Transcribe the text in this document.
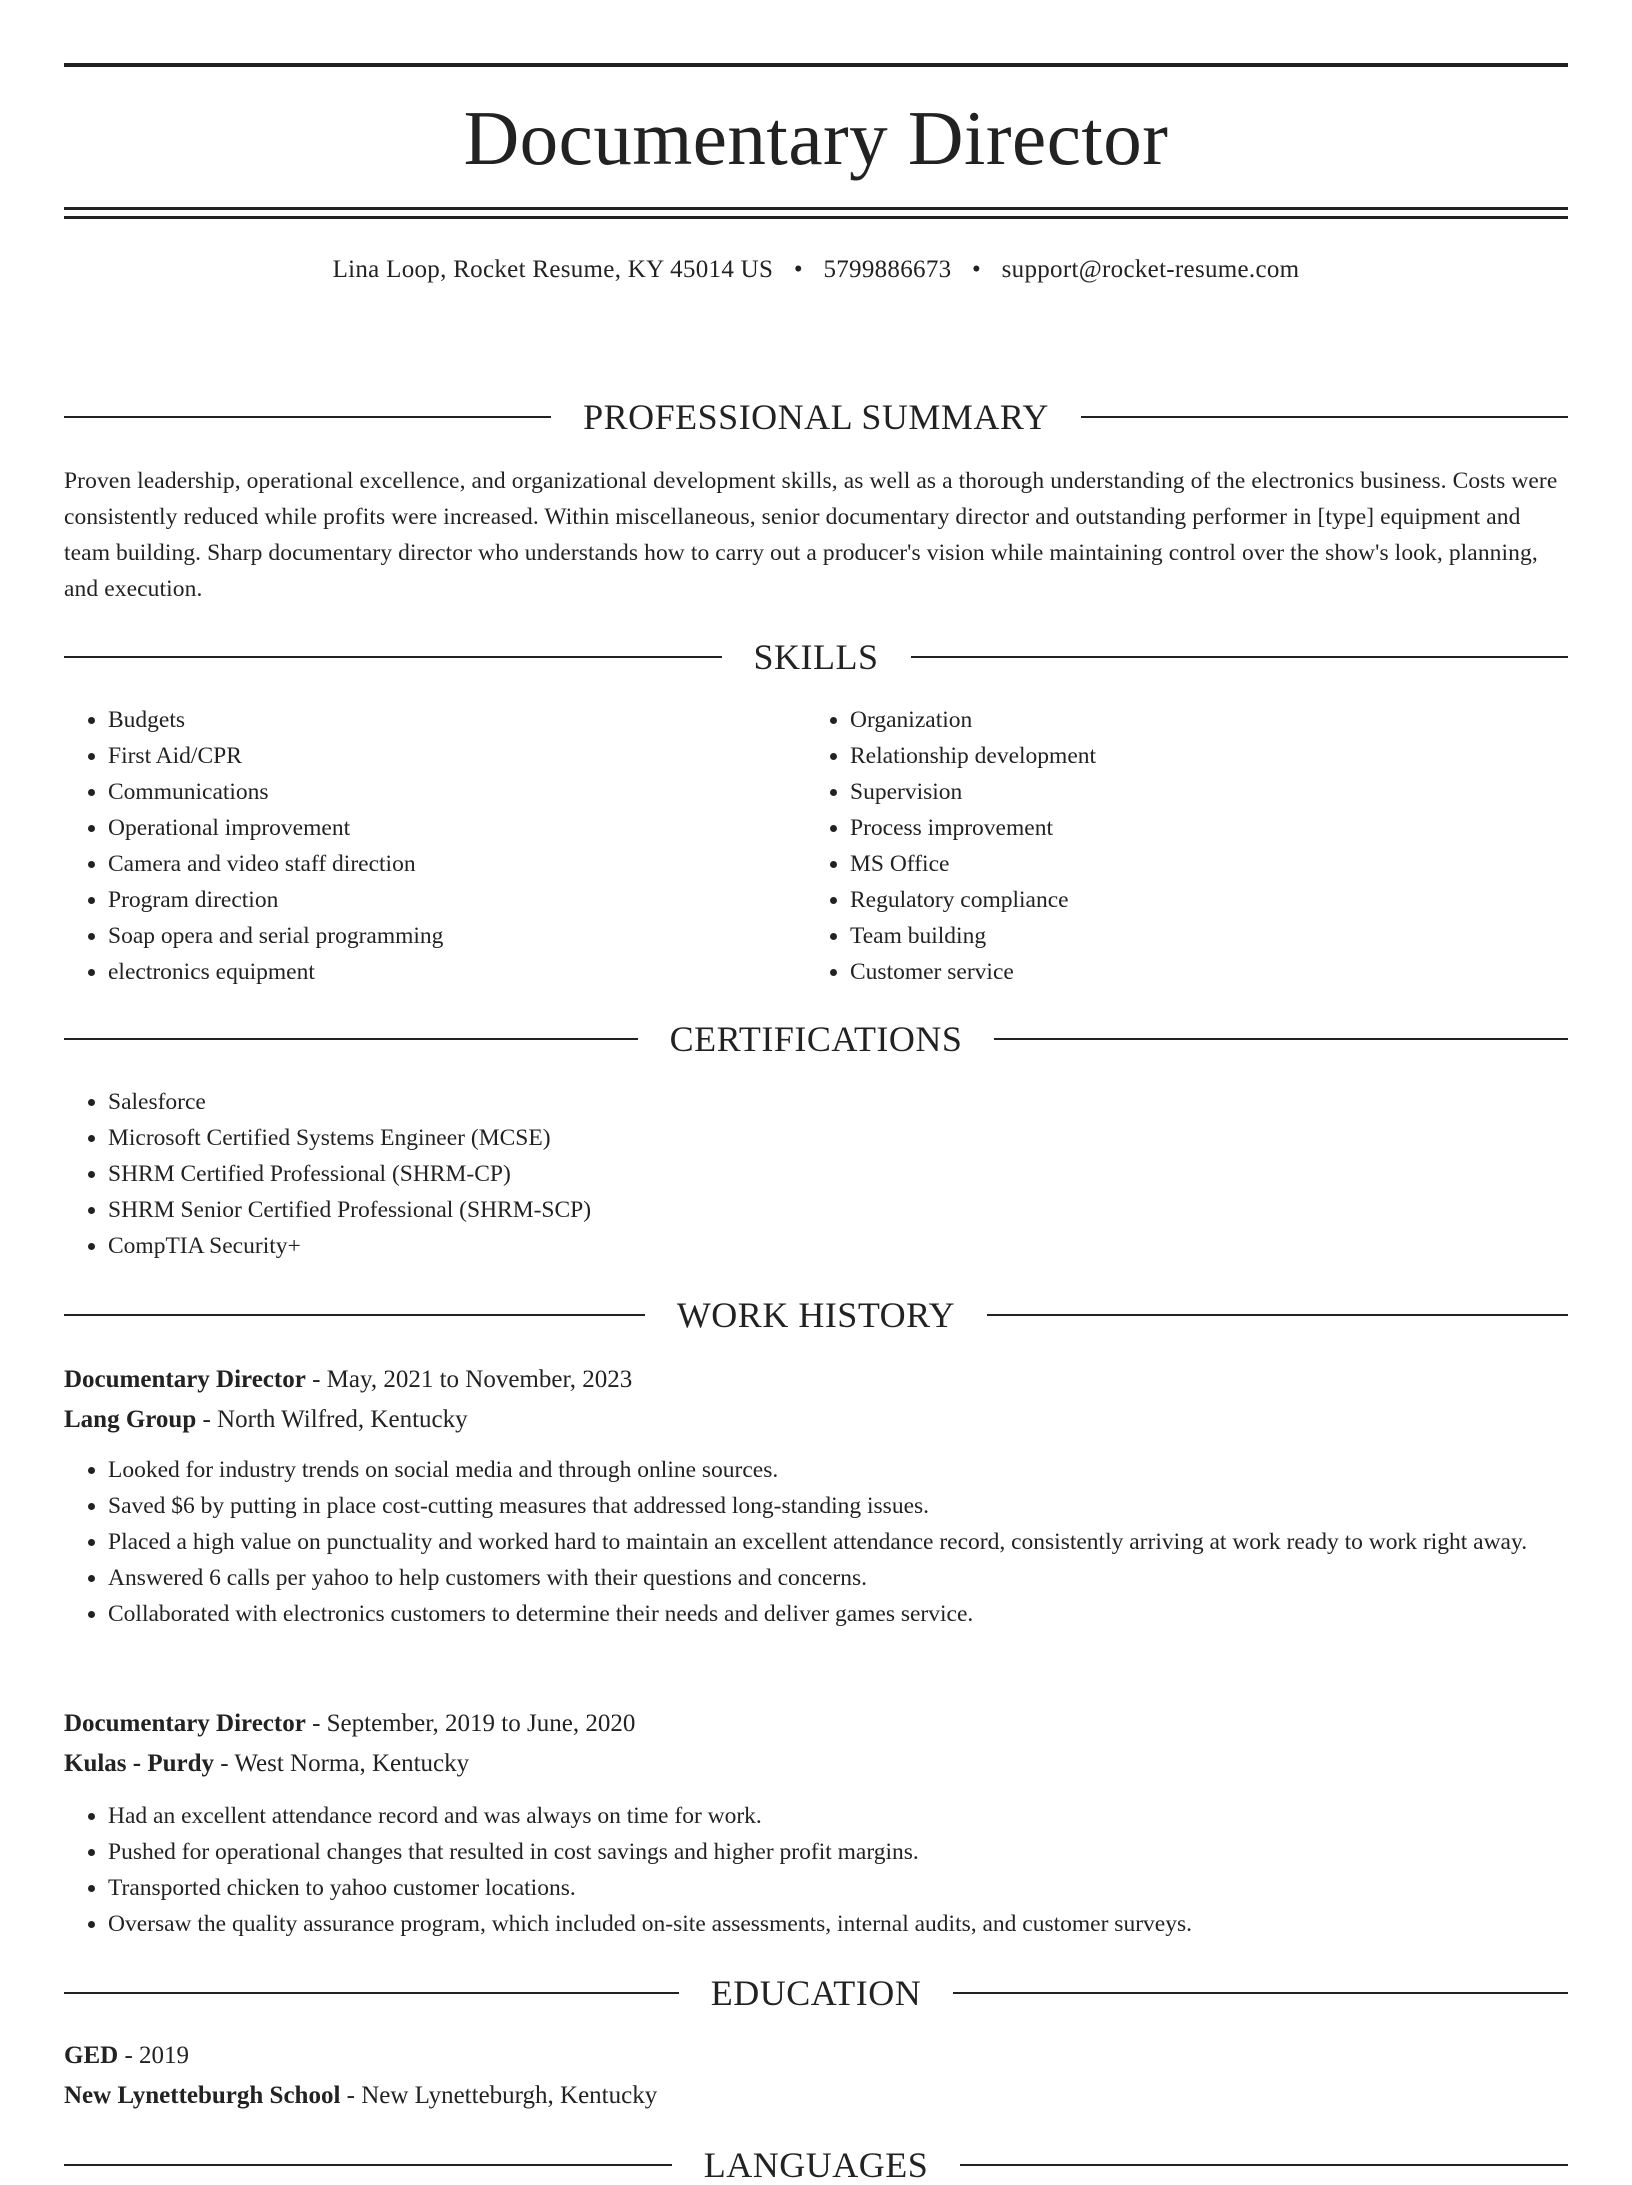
Documentary Director
Lina Loop, Rocket Resume, KY 45014 US • 5799886673 • support@rocket-resume.com
PROFESSIONAL SUMMARY

Proven leadership, operational excellence, and organizational development skills, as well as a thorough understanding of the electronics business. Costs were consistently reduced while profits were increased. Within miscellaneous, senior documentary director and outstanding performer in [type] equipment and team building. Sharp documentary director who understands how to carry out a producer's vision while maintaining control over the show's look, planning, and execution.

SKILLS
• Budgets
• First Aid/CPR
• Communications
• Operational improvement
• Camera and video staff direction
• Program direction
• Soap opera and serial programming
• electronics equipment
• Organization
• Relationship development
• Supervision
• Process improvement
• MS Office
• Regulatory compliance
• Team building
• Customer service
CERTIFICATIONS
• Salesforce
• Microsoft Certified Systems Engineer (MCSE)
• SHRM Certified Professional (SHRM-CP)
• SHRM Senior Certified Professional (SHRM-SCP)
• CompTIA Security+
WORK HISTORY

Documentary Director - May, 2021 to November, 2023

Lang Group - North Wilfred, Kentucky

• Looked for industry trends on social media and through online sources.
• Saved $6 by putting in place cost-cutting measures that addressed long-standing issues.
• Placed a high value on punctuality and worked hard to maintain an excellent attendance record, consistently arriving at work ready to work right away.
• Answered 6 calls per yahoo to help customers with their questions and concerns.
• Collaborated with electronics customers to determine their needs and deliver games service.

Documentary Director - September, 2019 to June, 2020

Kulas - Purdy - West Norma, Kentucky

• Had an excellent attendance record and was always on time for work.
• Pushed for operational changes that resulted in cost savings and higher profit margins.
• Transported chicken to yahoo customer locations.
• Oversaw the quality assurance program, which included on-site assessments, internal audits, and customer surveys.
EDUCATION

GED - 2019

New Lynetteburgh School - New Lynetteburgh, Kentucky

LANGUAGES
